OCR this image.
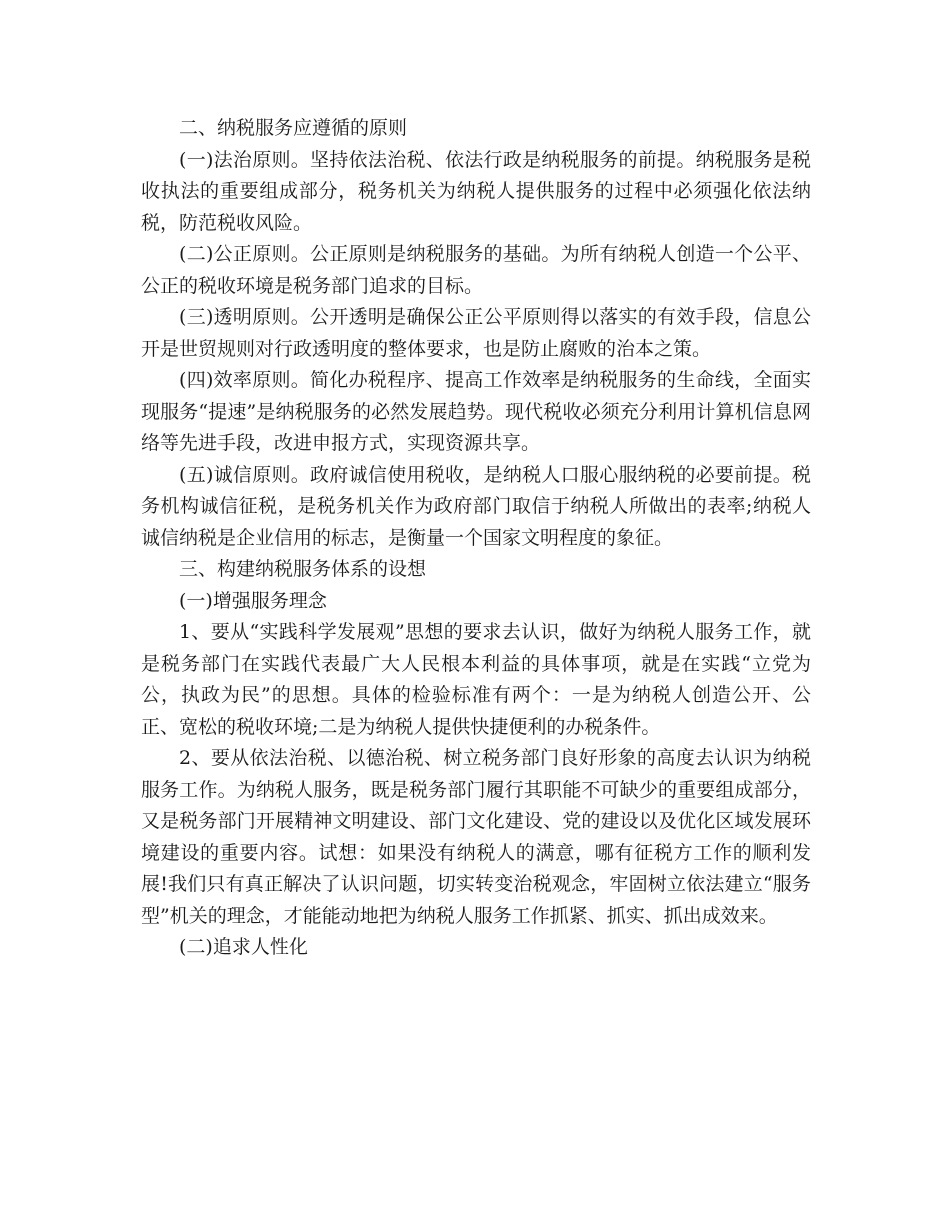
二、纳税服务应遵循的原则

(一)法治原则。坚持依法治税、依法行政是纳税服务的前提。纳税服务是税收执法的重要组成部分，税务机关为纳税人提供服务的过程中必须强化依法纳税，防范税收风险。

(二)公正原则。公正原则是纳税服务的基础。为所有纳税人创造一个公平、公正的税收环境是税务部门追求的目标。

(三)透明原则。公开透明是确保公正公平原则得以落实的有效手段，信息公开是世贸规则对行政透明度的整体要求，也是防止腐败的治本之策。

(四)效率原则。简化办税程序、提高工作效率是纳税服务的生命线，全面实现服务“提速”是纳税服务的必然发展趋势。现代税收必须充分利用计算机信息网络等先进手段，改进申报方式，实现资源共享。

(五)诚信原则。政府诚信使用税收，是纳税人口服心服纳税的必要前提。税务机构诚信征税，是税务机关作为政府部门取信于纳税人所做出的表率;纳税人诚信纳税是企业信用的标志，是衡量一个国家文明程度的象征。

三、构建纳税服务体系的设想

(一)增强服务理念

1、要从“实践科学发展观”思想的要求去认识，做好为纳税人服务工作，就是税务部门在实践代表最广大人民根本利益的具体事项，就是在实践“立党为公，执政为民”的思想。具体的检验标准有两个：一是为纳税人创造公开、公正、宽松的税收环境;二是为纳税人提供快捷便利的办税条件。

2、要从依法治税、以德治税、树立税务部门良好形象的高度去认识为纳税服务工作。为纳税人服务，既是税务部门履行其职能不可缺少的重要组成部分，又是税务部门开展精神文明建设、部门文化建设、党的建设以及优化区域发展环境建设的重要内容。试想：如果没有纳税人的满意，哪有征税方工作的顺利发展!我们只有真正解决了认识问题，切实转变治税观念，牢固树立依法建立“服务型”机关的理念，才能能动地把为纳税人服务工作抓紧、抓实、抓出成效来。

(二)追求人性化
